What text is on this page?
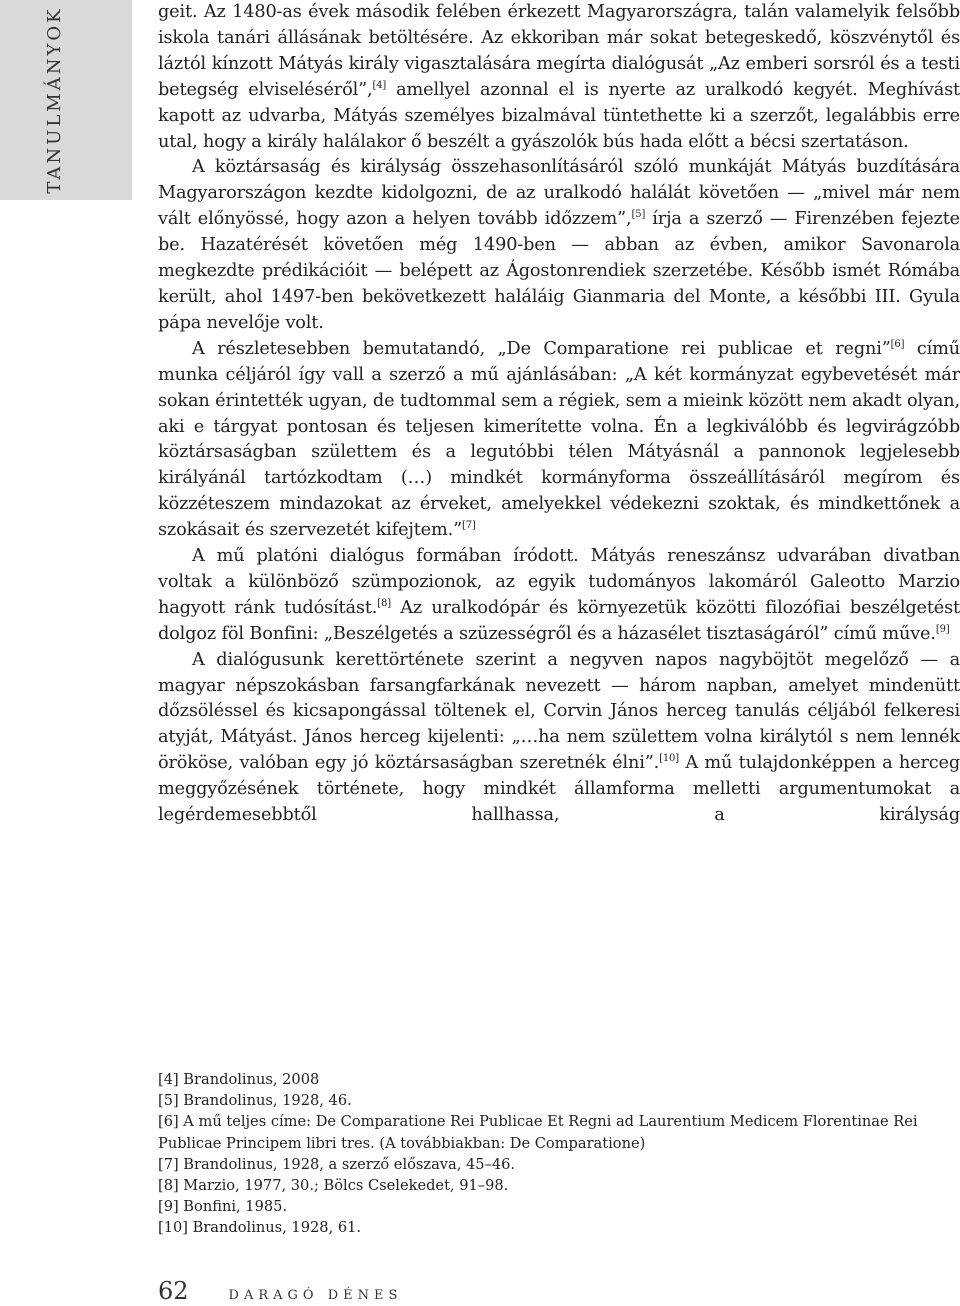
TANULMÁNYOK	geit. Az 1480-as évek második felében érkezett Magyarországra, talán valamelyik felsőbb iskola tanári állásának betöltésére. Az ekkoriban már sokat betegeskedő, köszvénytől és láztól kínzott Mátyás király vigasztalására megírta dialógusát „Az emberi sorsról és a testi betegség elviseléséről”,[4] amellyel azonnal el is nyerte az uralkodó kegyét. Meghívást kapott az udvarba, Mátyás személyes bizalmával tüntethette ki a szerzőt, legalábbis erre utal, hogy a király halálakor ő beszélt a gyászolók bús hada előtt a bécsi szertatáson.

A köztársaság és királyság összehasonlításáról szóló munkáját Mátyás buzdítására Magyarországon kezdte kidolgozni, de az uralkodó halálát követően — „mivel már nem vált előnyössé, hogy azon a helyen tovább időzzem”,[5] írja a szerző — Firenzében fejezte be. Hazatérését követően még 1490-ben — abban az évben, amikor Savonarola megkezdte prédikációit — belépett az Ágostonrendiek szerzetébe. Később ismét Rómába került, ahol 1497-ben bekövetkezett haláláig Gianmaria del Monte, a későbbi III. Gyula pápa nevelője volt.

A részletesebben bemutatandó, „De Comparatione rei publicae et regni”[6] című munka céljáról így vall a szerző a mű ajánlásában: „A két kormányzat egybevetését már sokan érintették ugyan, de tudtommal sem a régiek, sem a mieink között nem akadt olyan, aki e tárgyat pontosan és teljesen kimerítette volna. Én a legkiválóbb és legvirágzóbb köztársaságban születtem és a legutóbbi télen Mátyásnál a pannonok legjelesebb királyánál tartózkodtam (…) mindkét kormányforma összeállításáról megírom és közzéteszem mindazokat az érveket, amelyekkel védekezni szoktak, és mindkettőnek a szokásait és szervezetét kifejtem.”[7]

A mű platóni dialógus formában íródott. Mátyás reneszánsz udvarában divatban voltak a különböző szümpozionok, az egyik tudományos lakomáról Galeotto Marzio hagyott ránk tudósítást.[8] Az uralkodópár és környezetük közötti filozófiai beszélgetést dolgoz föl Bonfini: „Beszélgetés a szüzességről és a házasélet tisztaságáról” című műve.[9]

A dialógusunk kerettörténete szerint a negyven napos nagyböjtöt megelőző — a magyar népszokásban farsangfarkának nevezett — három napban, amelyet mindenütt dőzsöléssel és kicsapongással töltenek el, Corvin János herceg tanulás céljából felkeresi atyját, Mátyást. János herceg kijelenti: „…ha nem születtem volna királytól s nem lennék örököse, valóban egy jó köztársaságban szeretnék élni”.[10] A mű tulajdonképpen a herceg meggyőzésének története, hogy mindkét államforma melletti argumentumokat a legérdemesebbtől hallhassa, a királyság

[4] Brandolinus, 2008

[5] Brandolinus, 1928, 46.

[6] A mű teljes címe: De Comparatione Rei Publicae Et Regni ad Laurentium Medicem Florentinae Rei Publicae Principem libri tres. (A továbbiakban: De Comparatione)

[7] Brandolinus, 1928, a szerző előszava, 45–46.

[8] Marzio, 1977, 30.; Bölcs Cselekedet, 91–98.

[9] Bonfini, 1985.

[10] Brandolinus, 1928, 61.

62	DARAGÓ DÉNES
